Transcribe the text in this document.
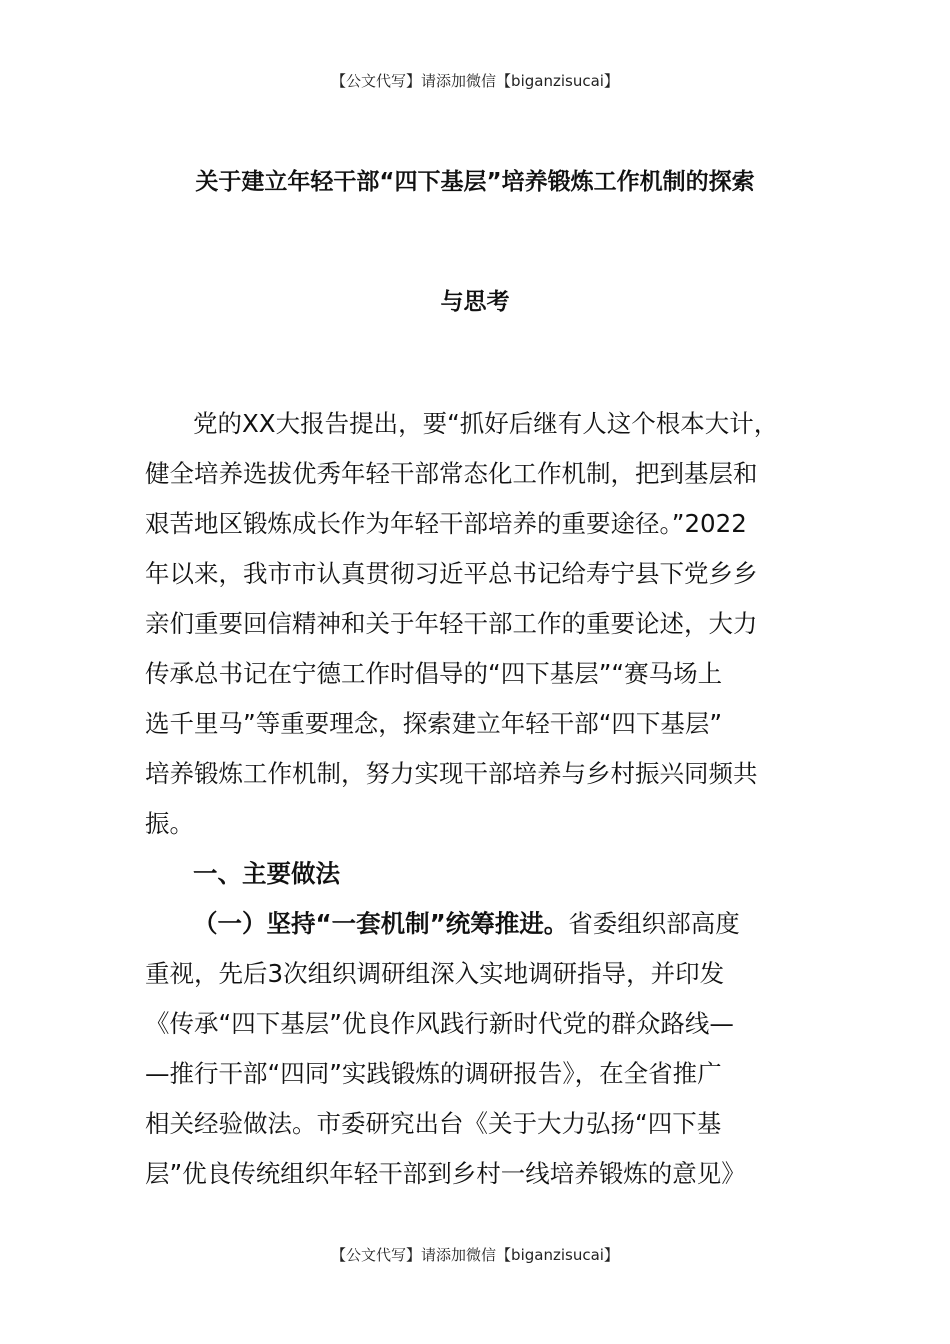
【公文代写】请添加微信【biganzisucai】
关于建立年轻干部“四下基层”培养锻炼工作机制的探索
与思考
党的XX大报告提出，要“抓好后继有人这个根本大计，
健全培养选拔优秀年轻干部常态化工作机制，把到基层和
艰苦地区锻炼成长作为年轻干部培养的重要途径。”2022
年以来，我市市认真贯彻习近平总书记给寿宁县下党乡乡
亲们重要回信精神和关于年轻干部工作的重要论述，大力
传承总书记在宁德工作时倡导的“四下基层”“赛马场上
选千里马”等重要理念，探索建立年轻干部“四下基层”
培养锻炼工作机制，努力实现干部培养与乡村振兴同频共
振。
一、主要做法
（一）坚持“一套机制”统筹推进。省委组织部高度
重视，先后3次组织调研组深入实地调研指导，并印发
《传承“四下基层”优良作风践行新时代党的群众路线—
—推行干部“四同”实践锻炼的调研报告》，在全省推广
相关经验做法。市委研究出台《关于大力弘扬“四下基
层”优良传统组织年轻干部到乡村一线培养锻炼的意见》
【公文代写】请添加微信【biganzisucai】
